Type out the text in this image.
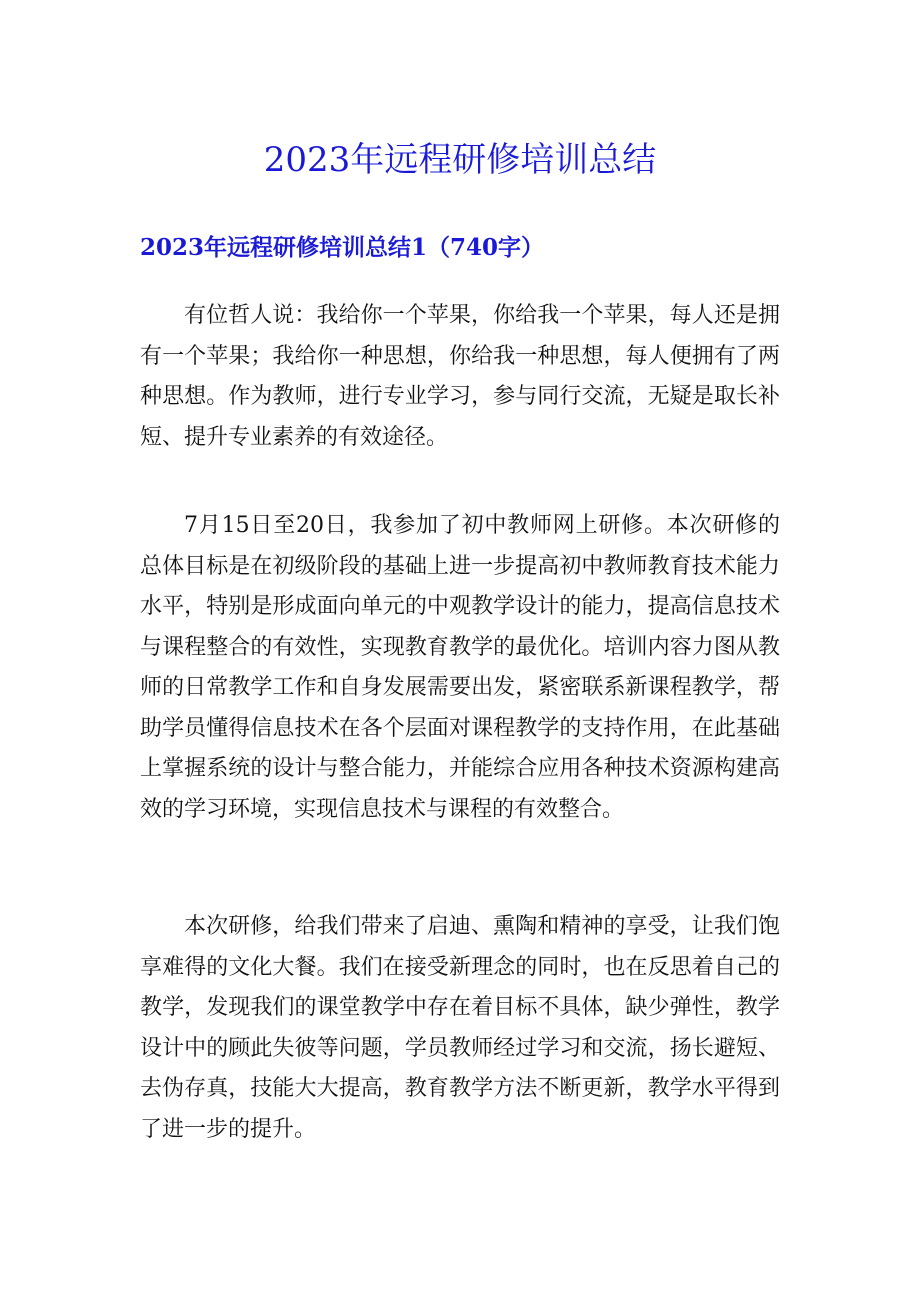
2023年远程研修培训总结
2023年远程研修培训总结1（740字）

有位哲人说：我给你一个苹果，你给我一个苹果，每人还是拥有一个苹果；我给你一种思想，你给我一种思想，每人便拥有了两种思想。作为教师，进行专业学习，参与同行交流，无疑是取长补短、提升专业素养的有效途径。

7月15日至20日，我参加了初中教师网上研修。本次研修的总体目标是在初级阶段的基础上进一步提高初中教师教育技术能力水平，特别是形成面向单元的中观教学设计的能力，提高信息技术与课程整合的有效性，实现教育教学的最优化。培训内容力图从教师的日常教学工作和自身发展需要出发，紧密联系新课程教学，帮助学员懂得信息技术在各个层面对课程教学的支持作用，在此基础上掌握系统的设计与整合能力，并能综合应用各种技术资源构建高效的学习环境，实现信息技术与课程的有效整合。

本次研修，给我们带来了启迪、熏陶和精神的享受，让我们饱享难得的文化大餐。我们在接受新理念的同时，也在反思着自己的教学，发现我们的课堂教学中存在着目标不具体，缺少弹性，教学设计中的顾此失彼等问题，学员教师经过学习和交流，扬长避短、去伪存真，技能大大提高，教育教学方法不断更新，教学水平得到了进一步的提升。
